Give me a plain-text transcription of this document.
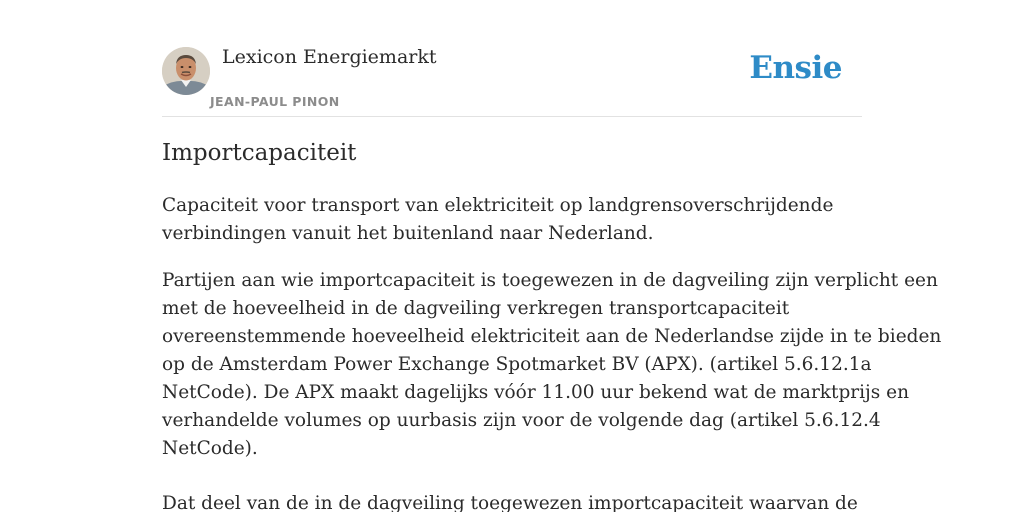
Lexicon Energiemarkt
JEAN-PAUL PINON
Ensie
Importcapaciteit

Capaciteit voor transport van elektriciteit op landgrensoverschrijdende
verbindingen vanuit het buitenland naar Nederland.

Partijen aan wie importcapaciteit is toegewezen in de dagveiling zijn verplicht een
met de hoeveelheid in de dagveiling verkregen transportcapaciteit
overeenstemmende hoeveelheid elektriciteit aan de Nederlandse zijde in te bieden
op de Amsterdam Power Exchange Spotmarket BV (APX). (artikel 5.6.12.1a
NetCode). De APX maakt dagelijks vóór 11.00 uur bekend wat de marktprijs en
verhandelde volumes op uurbasis zijn voor de volgende dag (artikel 5.6.12.4
NetCode).

Dat deel van de in de dagveiling toegewezen importcapaciteit waarvan de
